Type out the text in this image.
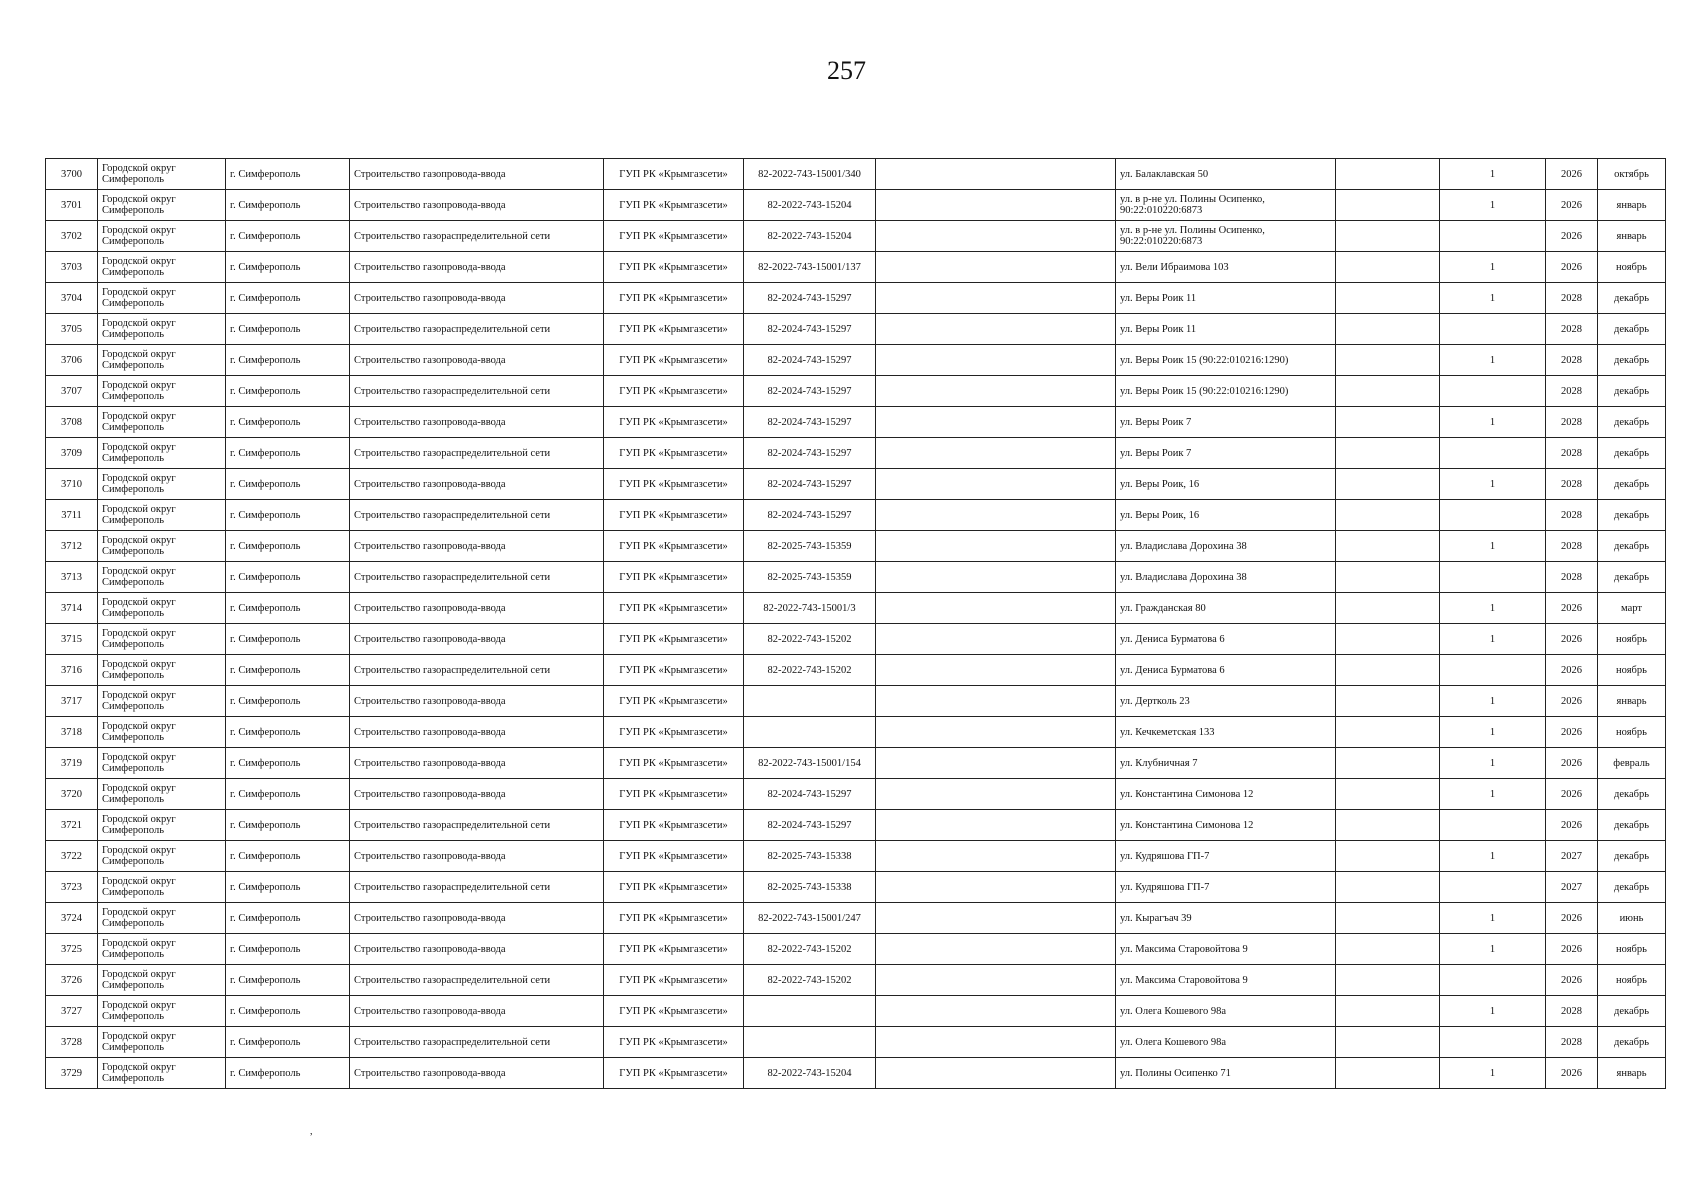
257
3700	Городской округ Симферополь	г. Симферополь	Строительство газопровода-ввода	ГУП РК «Крымгазсети»	82-2022-743-15001/340		ул. Балаклавская 50		1	2026	октябрь
3701	Городской округ Симферополь	г. Симферополь	Строительство газопровода-ввода	ГУП РК «Крымгазсети»	82-2022-743-15204		ул. в р-не ул. Полины Осипенко, 90:22:010220:6873		1	2026	январь
3702	Городской округ Симферополь	г. Симферополь	Строительство газораспределительной сети	ГУП РК «Крымгазсети»	82-2022-743-15204		ул. в р-не ул. Полины Осипенко, 90:22:010220:6873			2026	январь
3703	Городской округ Симферополь	г. Симферополь	Строительство газопровода-ввода	ГУП РК «Крымгазсети»	82-2022-743-15001/137		ул. Вели Ибраимова 103		1	2026	ноябрь
3704	Городской округ Симферополь	г. Симферополь	Строительство газопровода-ввода	ГУП РК «Крымгазсети»	82-2024-743-15297		ул. Веры Роик 11		1	2028	декабрь
3705	Городской округ Симферополь	г. Симферополь	Строительство газораспределительной сети	ГУП РК «Крымгазсети»	82-2024-743-15297		ул. Веры Роик 11			2028	декабрь
3706	Городской округ Симферополь	г. Симферополь	Строительство газопровода-ввода	ГУП РК «Крымгазсети»	82-2024-743-15297		ул. Веры Роик 15 (90:22:010216:1290)		1	2028	декабрь
3707	Городской округ Симферополь	г. Симферополь	Строительство газораспределительной сети	ГУП РК «Крымгазсети»	82-2024-743-15297		ул. Веры Роик 15 (90:22:010216:1290)			2028	декабрь
3708	Городской округ Симферополь	г. Симферополь	Строительство газопровода-ввода	ГУП РК «Крымгазсети»	82-2024-743-15297		ул. Веры Роик 7		1	2028	декабрь
3709	Городской округ Симферополь	г. Симферополь	Строительство газораспределительной сети	ГУП РК «Крымгазсети»	82-2024-743-15297		ул. Веры Роик 7			2028	декабрь
3710	Городской округ Симферополь	г. Симферополь	Строительство газопровода-ввода	ГУП РК «Крымгазсети»	82-2024-743-15297		ул. Веры Роик, 16		1	2028	декабрь
3711	Городской округ Симферополь	г. Симферополь	Строительство газораспределительной сети	ГУП РК «Крымгазсети»	82-2024-743-15297		ул. Веры Роик, 16			2028	декабрь
3712	Городской округ Симферополь	г. Симферополь	Строительство газопровода-ввода	ГУП РК «Крымгазсети»	82-2025-743-15359		ул. Владислава Дорохина 38		1	2028	декабрь
3713	Городской округ Симферополь	г. Симферополь	Строительство газораспределительной сети	ГУП РК «Крымгазсети»	82-2025-743-15359		ул. Владислава Дорохина 38			2028	декабрь
3714	Городской округ Симферополь	г. Симферополь	Строительство газопровода-ввода	ГУП РК «Крымгазсети»	82-2022-743-15001/3		ул. Гражданская 80		1	2026	март
3715	Городской округ Симферополь	г. Симферополь	Строительство газопровода-ввода	ГУП РК «Крымгазсети»	82-2022-743-15202		ул. Дениса Бурматова 6		1	2026	ноябрь
3716	Городской округ Симферополь	г. Симферополь	Строительство газораспределительной сети	ГУП РК «Крымгазсети»	82-2022-743-15202		ул. Дениса Бурматова 6			2026	ноябрь
3717	Городской округ Симферополь	г. Симферополь	Строительство газопровода-ввода	ГУП РК «Крымгазсети»			ул. Дертколь 23		1	2026	январь
3718	Городской округ Симферополь	г. Симферополь	Строительство газопровода-ввода	ГУП РК «Крымгазсети»			ул. Кечкеметская 133		1	2026	ноябрь
3719	Городской округ Симферополь	г. Симферополь	Строительство газопровода-ввода	ГУП РК «Крымгазсети»	82-2022-743-15001/154		ул. Клубничная 7		1	2026	февраль
3720	Городской округ Симферополь	г. Симферополь	Строительство газопровода-ввода	ГУП РК «Крымгазсети»	82-2024-743-15297		ул. Константина Симонова 12		1	2026	декабрь
3721	Городской округ Симферополь	г. Симферополь	Строительство газораспределительной сети	ГУП РК «Крымгазсети»	82-2024-743-15297		ул. Константина Симонова 12			2026	декабрь
3722	Городской округ Симферополь	г. Симферополь	Строительство газопровода-ввода	ГУП РК «Крымгазсети»	82-2025-743-15338		ул. Кудряшова ГП-7		1	2027	декабрь
3723	Городской округ Симферополь	г. Симферополь	Строительство газораспределительной сети	ГУП РК «Крымгазсети»	82-2025-743-15338		ул. Кудряшова ГП-7			2027	декабрь
3724	Городской округ Симферополь	г. Симферополь	Строительство газопровода-ввода	ГУП РК «Крымгазсети»	82-2022-743-15001/247		ул. Кырагъач 39		1	2026	июнь
3725	Городской округ Симферополь	г. Симферополь	Строительство газопровода-ввода	ГУП РК «Крымгазсети»	82-2022-743-15202		ул. Максима Старовойтова 9		1	2026	ноябрь
3726	Городской округ Симферополь	г. Симферополь	Строительство газораспределительной сети	ГУП РК «Крымгазсети»	82-2022-743-15202		ул. Максима Старовойтова 9			2026	ноябрь
3727	Городской округ Симферополь	г. Симферополь	Строительство газопровода-ввода	ГУП РК «Крымгазсети»			ул. Олега Кошевого 98а		1	2028	декабрь
3728	Городской округ Симферополь	г. Симферополь	Строительство газораспределительной сети	ГУП РК «Крымгазсети»			ул. Олега Кошевого 98а			2028	декабрь
3729	Городской округ Симферополь	г. Симферополь	Строительство газопровода-ввода	ГУП РК «Крымгазсети»	82-2022-743-15204		ул. Полины Осипенко 71		1	2026	январь
,
